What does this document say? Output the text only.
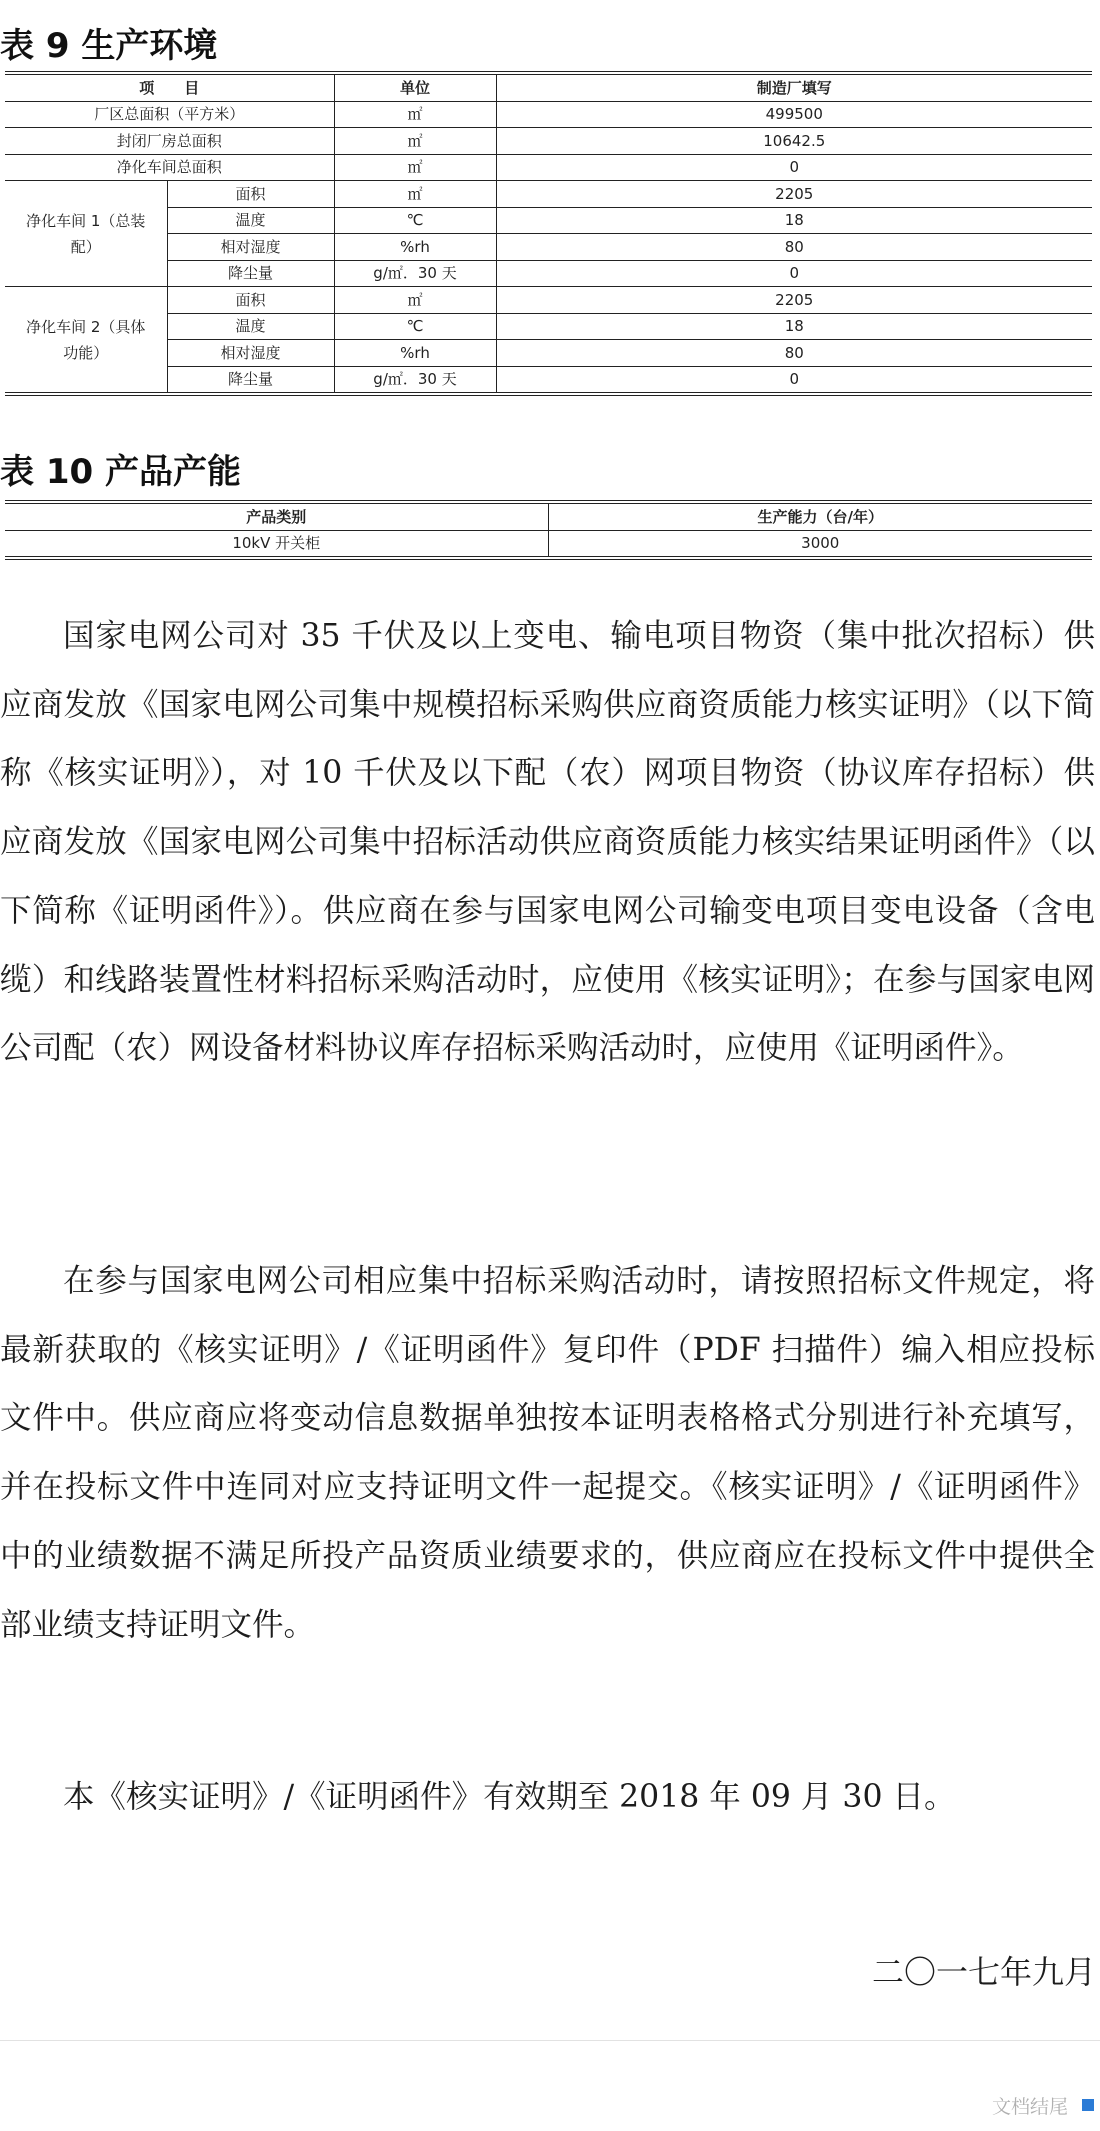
表 9 生产环境
项　　目		单位	制造厂填写
厂区总面积（平方米）		㎡	499500
封闭厂房总面积		㎡	10642.5
净化车间总面积		㎡	0
净化车间 1（总装配）	面积	㎡	2205
	温度	℃	18
	相对湿度	%rh	80
	降尘量	g/㎡．30 天	0
净化车间 2（具体功能）	面积	㎡	2205
	温度	℃	18
	相对湿度	%rh	80
	降尘量	g/㎡．30 天	0
表 10 产品产能
产品类别	生产能力（台/年）
10kV 开关柜	3000

国家电网公司对 35 千伏及以上变电、输电项目物资（集中批次招标）供应商发放《国家电网公司集中规模招标采购供应商资质能力核实证明》（以下简称《核实证明》），对 10 千伏及以下配（农）网项目物资（协议库存招标）供应商发放《国家电网公司集中招标活动供应商资质能力核实结果证明函件》（以下简称《证明函件》）。供应商在参与国家电网公司输变电项目变电设备（含电缆）和线路装置性材料招标采购活动时，应使用《核实证明》；在参与国家电网公司配（农）网设备材料协议库存招标采购活动时，应使用《证明函件》。

在参与国家电网公司相应集中招标采购活动时，请按照招标文件规定，将最新获取的《核实证明》/《证明函件》复印件（PDF 扫描件）编入相应投标文件中。供应商应将变动信息数据单独按本证明表格格式分别进行补充填写，并在投标文件中连同对应支持证明文件一起提交。《核实证明》/《证明函件》中的业绩数据不满足所投产品资质业绩要求的，供应商应在投标文件中提供全部业绩支持证明文件。

本《核实证明》/《证明函件》有效期至 2018 年 09 月 30 日。

二〇一七年九月
文档结尾
